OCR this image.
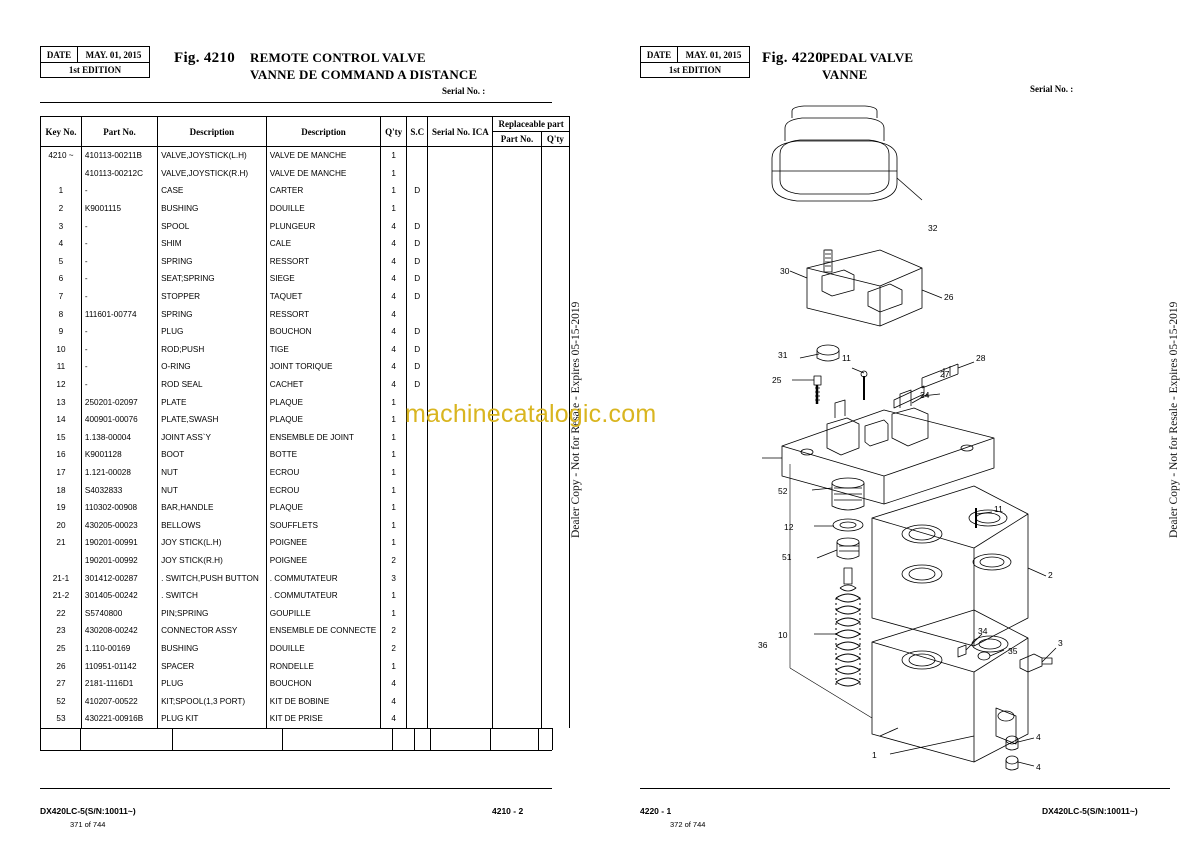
DATE	MAY. 01, 2015
1st EDITION
Fig. 4210 REMOTE CONTROL VALVE
VANNE DE COMMAND A DISTANCE
Serial No. :
Key No.	Part No.	Description	Description	Q'ty	S.C	Serial No. ICA	Replaceable part	
							Part No.	Q'ty
4210 ~	410113-00211B	VALVE,JOYSTICK(L.H)	VALVE DE MANCHE	1				
	410113-00212C	VALVE,JOYSTICK(R.H)	VALVE DE MANCHE	1				
1	-	CASE	CARTER	1	D			
2	K9001115	BUSHING	DOUILLE	1				
3	-	SPOOL	PLUNGEUR	4	D			
4	-	SHIM	CALE	4	D			
5	-	SPRING	RESSORT	4	D			
6	-	SEAT;SPRING	SIEGE	4	D			
7	-	STOPPER	TAQUET	4	D			
8	111601-00774	SPRING	RESSORT	4				
9	-	PLUG	BOUCHON	4	D			
10	-	ROD;PUSH	TIGE	4	D			
11	-	O-RING	JOINT TORIQUE	4	D			
12	-	ROD SEAL	CACHET	4	D			
13	250201-02097	PLATE	PLAQUE	1				
14	400901-00076	PLATE,SWASH	PLAQUE	1				
15	1.138-00004	JOINT ASS`Y	ENSEMBLE DE JOINT	1				
16	K9001128	BOOT	BOTTE	1				
17	1.121-00028	NUT	ECROU	1				
18	S4032833	NUT	ECROU	1				
19	110302-00908	BAR,HANDLE	PLAQUE	1				
20	430205-00023	BELLOWS	SOUFFLETS	1				
21	190201-00991	JOY STICK(L.H)	POIGNEE	1				
	190201-00992	JOY STICK(R.H)	POIGNEE	2				
21-1	301412-00287	. SWITCH,PUSH BUTTON	. COMMUTATEUR	3				
21-2	301405-00242	. SWITCH	. COMMUTATEUR	1				
22	S5740800	PIN;SPRING	GOUPILLE	1				
23	430208-00242	CONNECTOR ASSY	ENSEMBLE DE CONNECTE	2				
25	1.110-00169	BUSHING	DOUILLE	2				
26	110951-01142	SPACER	RONDELLE	1				
27	2181-1116D1	PLUG	BOUCHON	4				
52	410207-00522	KIT;SPOOL(1,3 PORT)	KIT DE BOBINE	4				
53	430221-00916B	PLUG KIT	KIT DE PRISE	4				
Dealer Copy - Not for Resale - Expires 05-15-2019
DX420LC-5(S/N:10011~)
371 of 744
4210 - 2
machinecatalogic.com
DATE	MAY. 01, 2015
1st EDITION
Fig. 4220
PEDAL VALVE
VANNE
Serial No. :
32
30
26
31
25
11	28
27
24
11
52
12
2
51
3
36
34
35
10
1
4
4
Dealer Copy - Not for Resale - Expires 05-15-2019
4220 - 1
372 of 744
DX420LC-5(S/N:10011~)
